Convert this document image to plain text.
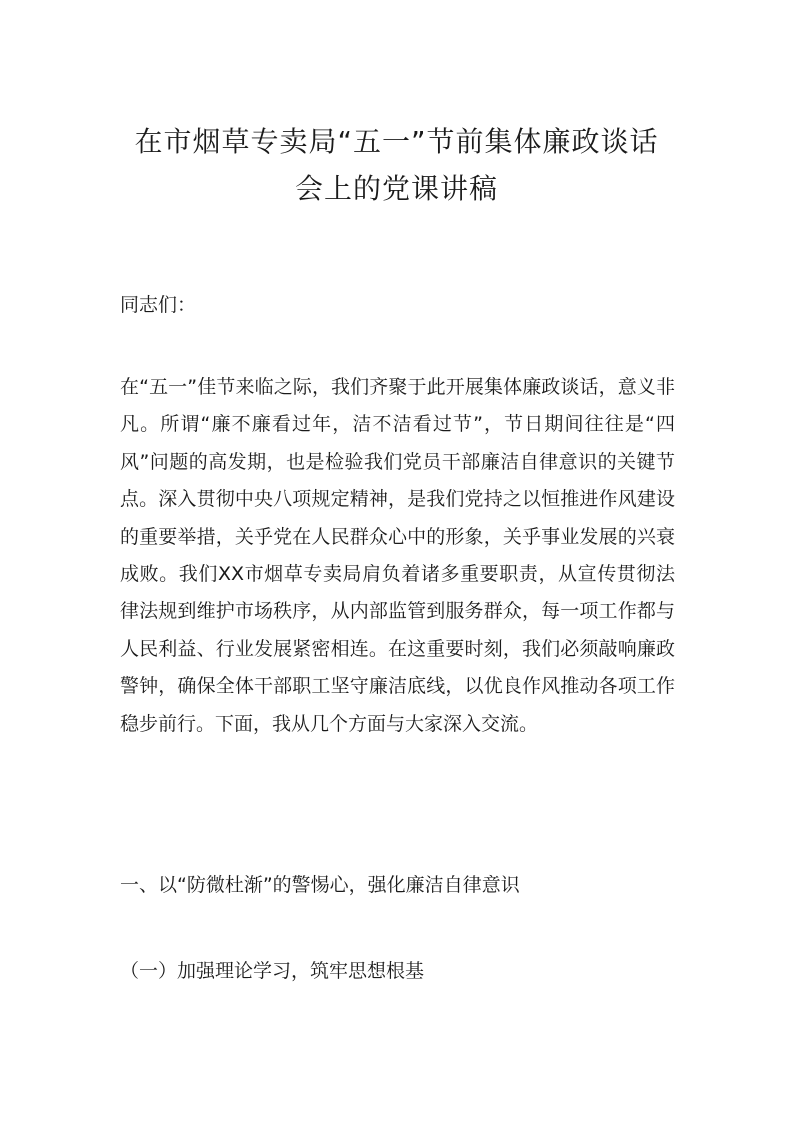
在市烟草专卖局“五一”节前集体廉政谈话
会上的党课讲稿

同志们：

在“五一”佳节来临之际，我们齐聚于此开展集体廉政谈话，意义非凡。所谓“廉不廉看过年，洁不洁看过节”，节日期间往往是“四风”问题的高发期，也是检验我们党员干部廉洁自律意识的关键节点。深入贯彻中央八项规定精神，是我们党持之以恒推进作风建设的重要举措，关乎党在人民群众心中的形象，关乎事业发展的兴衰成败。我们XX市烟草专卖局肩负着诸多重要职责，从宣传贯彻法律法规到维护市场秩序，从内部监管到服务群众，每一项工作都与人民利益、行业发展紧密相连。在这重要时刻，我们必须敲响廉政警钟，确保全体干部职工坚守廉洁底线，以优良作风推动各项工作稳步前行。下面，我从几个方面与大家深入交流。

一、以“防微杜渐”的警惕心，强化廉洁自律意识

（一）加强理论学习，筑牢思想根基
